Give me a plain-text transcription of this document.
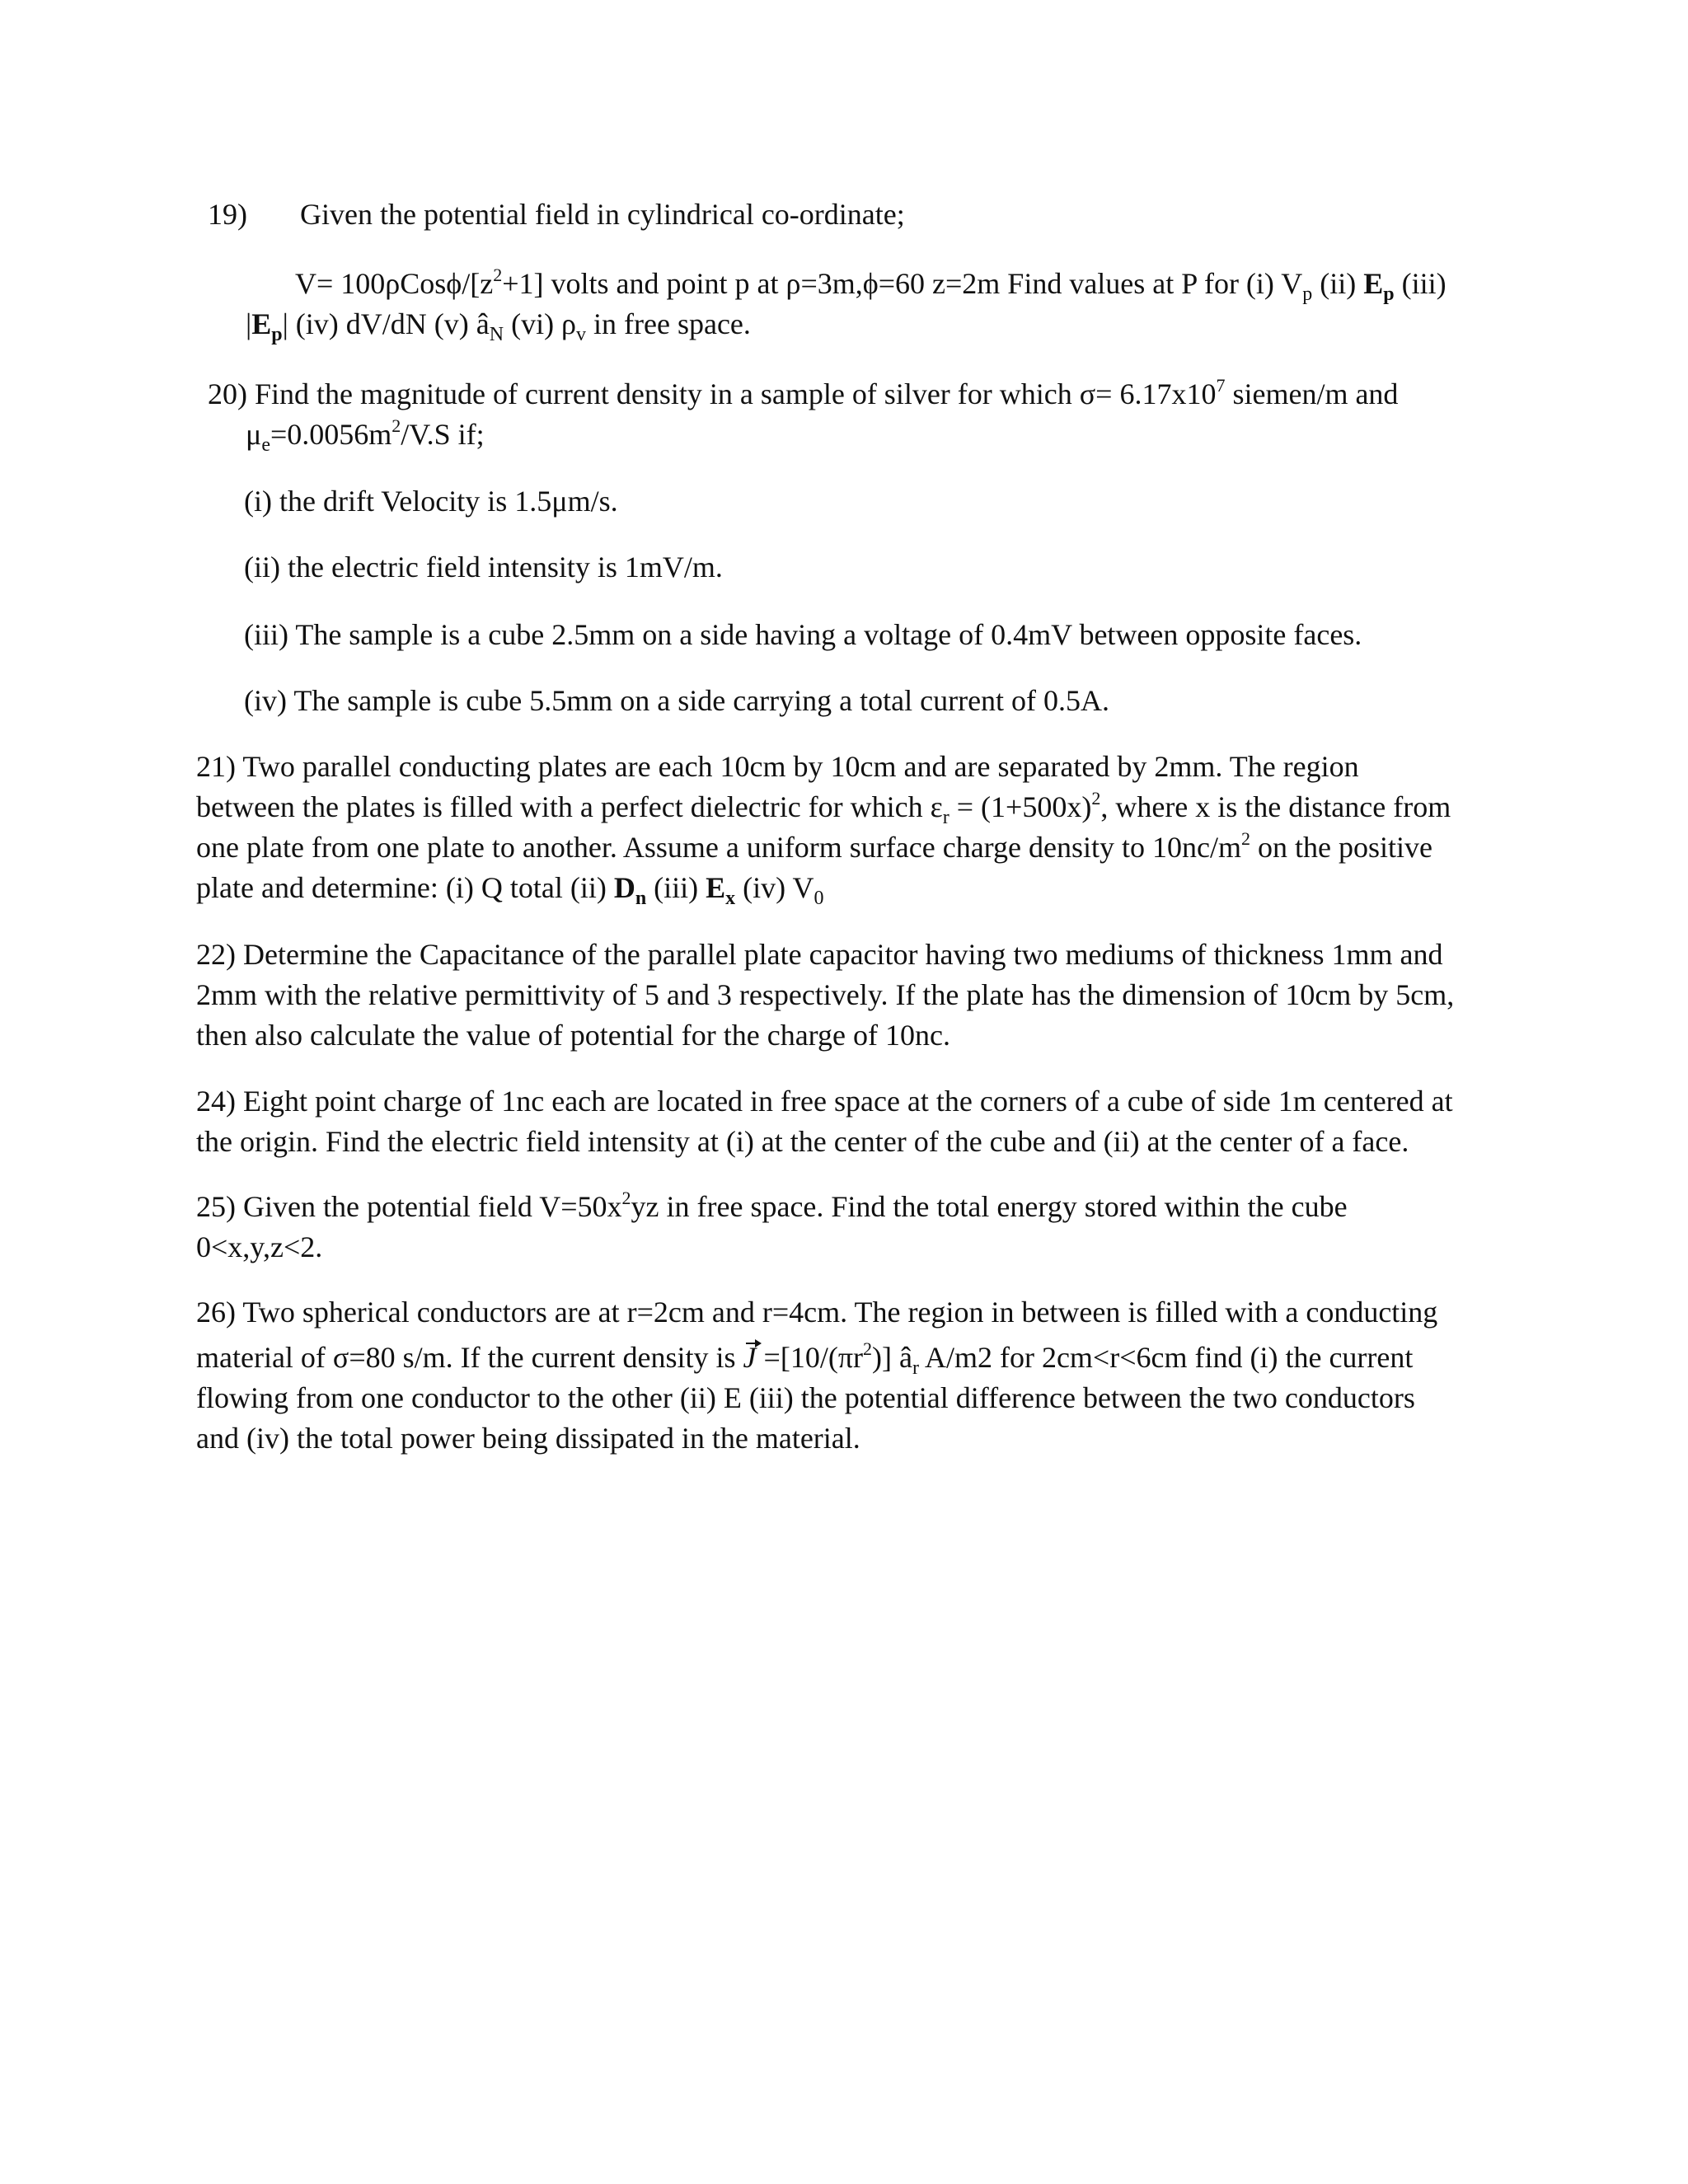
19) Given the potential field in cylindrical co-ordinate;
$V= 100\rho Cos\phi/[z^2+1]$ volts and point p at ρ=3m,ϕ=60 z=2m Find values at P for (i) $V_p$ (ii) $E_p$ (iii)
$|E_p|$ (iv) dV/dN (v) $â_N$ (vi) $\rho_v$ in free space.
20) Find the magnitude of current density in a sample of silver for which $\sigma= 6.17x10^7$ siemen/m and
$\mu_e=0.0056m^2/V.S$ if;
(i) the drift Velocity is 1.5μm/s.
(ii) the electric field intensity is 1mV/m.
(iii) The sample is a cube 2.5mm on a side having a voltage of 0.4mV between opposite faces.
(iv) The sample is cube 5.5mm on a side carrying a total current of 0.5A.
21) Two parallel conducting plates are each 10cm by 10cm and are separated by 2mm. The region
between the plates is filled with a perfect dielectric for which $\varepsilon_r = (1+500x)^2$, where x is the distance from
one plate from one plate to another. Assume a uniform surface charge density to $10nc/m^2$ on the positive
plate and determine: (i) Q total (ii) $D_n$ (iii) $E_x$ (iv) $V_0$
22) Determine the Capacitance of the parallel plate capacitor having two mediums of thickness 1mm and
2mm with the relative permittivity of 5 and 3 respectively. If the plate has the dimension of 10cm by 5cm,
then also calculate the value of potential for the charge of 10nc.
24) Eight point charge of 1nc each are located in free space at the corners of a cube of side 1m centered at
the origin. Find the electric field intensity at (i) at the center of the cube and (ii) at the center of a face.
25) Given the potential field $V=50x^2yz$ in free space. Find the total energy stored within the cube
0<x,y,z<2.
26) Two spherical conductors are at r=2cm and r=4cm. The region in between is filled with a conducting
material of σ=80 s/m. If the current density is $J =[10/(\pi r^2)]$ $â_r$ A/m2 for 2cm<r<6cm find (i) the current
flowing from one conductor to the other (ii) E (iii) the potential difference between the two conductors
and (iv) the total power being dissipated in the material.
